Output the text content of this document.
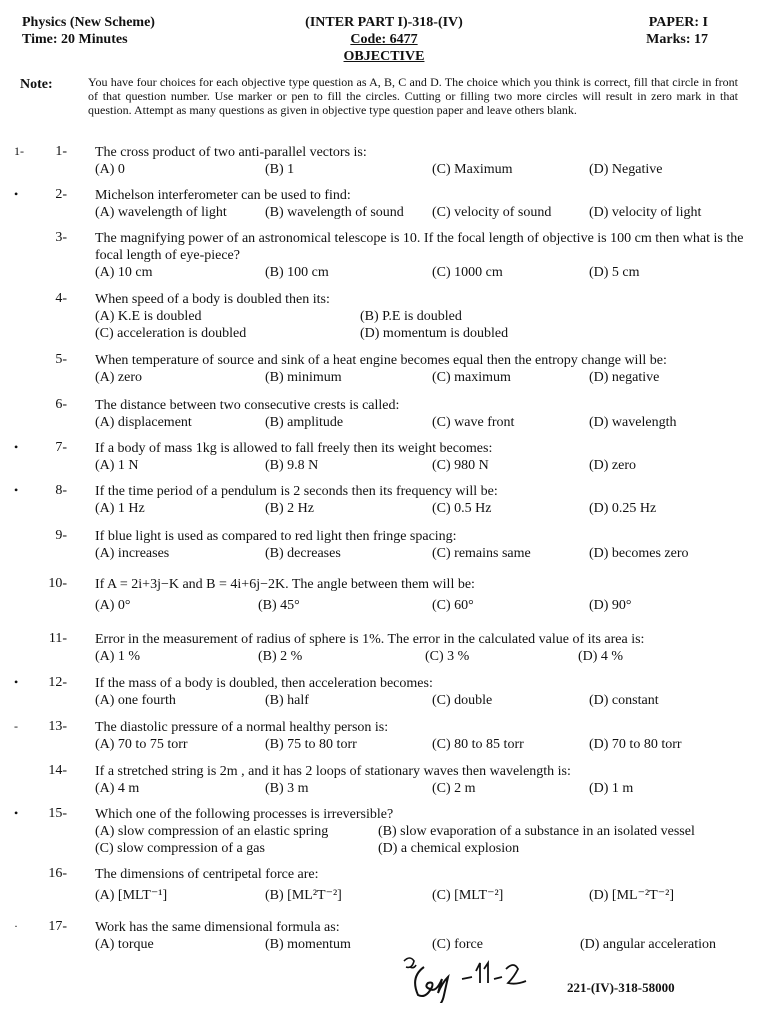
Physics (New Scheme)
Time: 20 Minutes
(INTER PART I)-318-(IV)
Code: 6477
OBJECTIVE
PAPER: I
Marks: 17
Note:	You have four choices for each objective type question as A, B, C and D. The choice which you think is correct, fill that circle in front of that question number. Use marker or pen to fill the circles. Cutting or filling two more circles will result in zero mark in that question. Attempt as many questions as given in objective type question paper and leave others blank.
1-	1- The cross product of two anti-parallel vectors is:
(A) 0	(B) 1	(C) Maximum	(D) Negative
•	2- Michelson interferometer can be used to find:
(A) wavelength of light	(B) wavelength of sound (C) velocity of sound	(D) velocity of light
3- The magnifying power of an astronomical telescope is 10. If the focal length of objective is 100 cm then what is the focal length of eye-piece?
(A) 10 cm	(B) 100 cm	(C) 1000 cm	(D) 5 cm
4- When speed of a body is doubled then its:
(A) K.E is doubled	(B) P.E is doubled
(C) acceleration is doubled	(D) momentum is doubled
5- When temperature of source and sink of a heat engine becomes equal then the entropy change will be:
(A) zero	(B) minimum	(C) maximum	(D) negative
6- The distance between two consecutive crests is called:
(A) displacement	(B) amplitude	(C) wave front	(D) wavelength
•	7- If a body of mass 1kg is allowed to fall freely then its weight becomes:
(A) 1 N	(B) 9.8 N	(C) 980 N	(D) zero
•	8- If the time period of a pendulum is 2 seconds then its frequency will be:
(A) 1 Hz	(B) 2 Hz	(C) 0.5 Hz	(D) 0.25 Hz
9- If blue light is used as compared to red light then fringe spacing:
(A) increases	(B) decreases	(C) remains same	(D) becomes zero
10- If A = 2i+3j−K and B = 4i+6j−2K. The angle between them will be:
(A) 0°	(B) 45°	(C) 60°	(D) 90°
11- Error in the measurement of radius of sphere is 1%. The error in the calculated value of its area is:
(A) 1 %	(B) 2 %	(C) 3 %	(D) 4 %
•	12- If the mass of a body is doubled, then acceleration becomes:
(A) one fourth	(B) half	(C) double	(D) constant
-	13- The diastolic pressure of a normal healthy person is:
(A) 70 to 75 torr	(B) 75 to 80 torr	(C) 80 to 85 torr	(D) 70 to 80 torr
14- If a stretched string is 2m , and it has 2 loops of stationary waves then wavelength is:
(A) 4 m	(B) 3 m	(C) 2 m	(D) 1 m
•	15- Which one of the following processes is irreversible?
(A) slow compression of an elastic spring	(B) slow evaporation of a substance in an isolated vessel
(C) slow compression of a gas	(D) a chemical explosion
16- The dimensions of centripetal force are:
(A) [MLT⁻¹]	(B) [ML²T⁻²]	(C) [MLT⁻²]	(D) [ML⁻²T⁻²]
·	17- Work has the same dimensional formula as:
(A) torque	(B) momentum	(C) force	(D) angular acceleration
221-(IV)-318-58000
